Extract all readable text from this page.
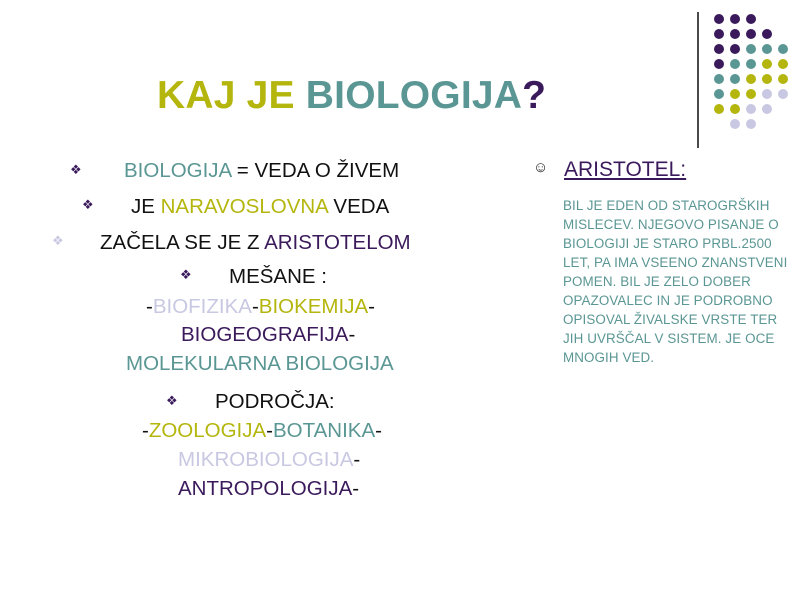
KAJ JE BIOLOGIJA?
❖ BIOLOGIJA = VEDA O ŽIVEM
❖ JE NARAVOSLOVNA VEDA
❖ ZAČELA SE JE Z ARISTOTELOM
❖ MEŠANE :
-BIOFIZIKA-BIOKEMIJA-
BIOGEOGRAFIJA-
MOLEKULARNA BIOLOGIJA
❖ PODROČJA:
-ZOOLOGIJA-BOTANIKA-
MIKROBIOLOGIJA-
ANTROPOLOGIJA-
☺ ARISTOTEL:
BIL JE EDEN OD STAROGRŠKIH MISLECEV. NJEGOVO PISANJE O BIOLOGIJI JE STARO PRBL.2500 LET, PA IMA VSEENO ZNANSTVENI POMEN. BIL JE ZELO DOBER OPAZOVALEC IN JE PODROBNO OPISOVAL ŽIVALSKE VRSTE TER JIH UVRŠČAL V SISTEM. JE OCE MNOGIH VED.
